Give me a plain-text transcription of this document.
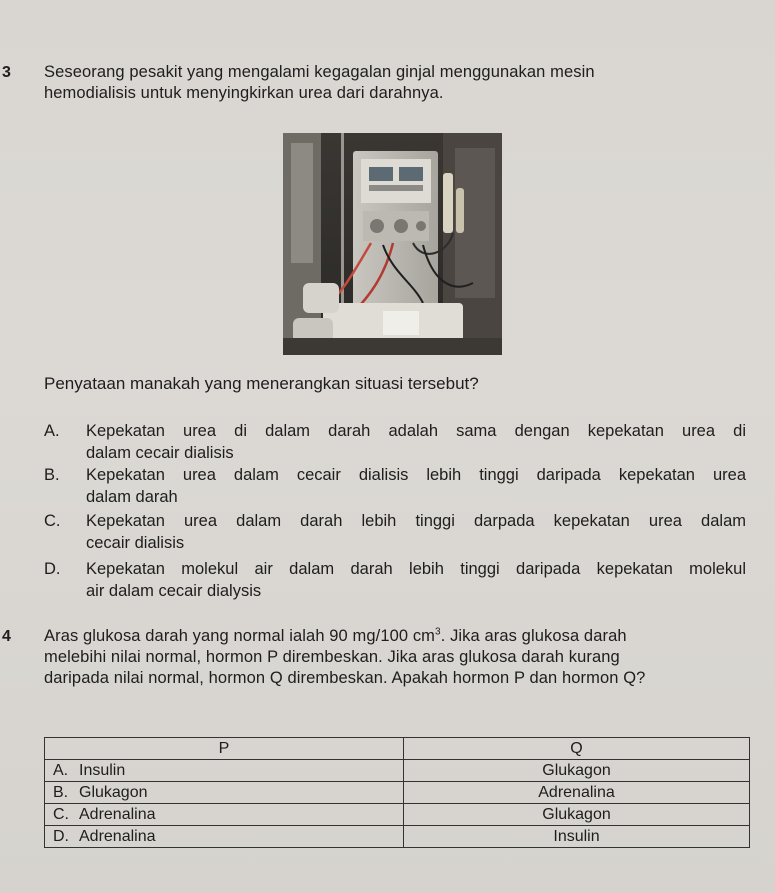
3 Seseorang pesakit yang mengalami kegagalan ginjal menggunakan mesin
hemodialisis untuk menyingkirkan urea dari darahnya.
Penyataan manakah yang menerangkan situasi tersebut?
A. Kepekatan urea di dalam darah adalah sama dengan kepekatan urea di
dalam cecair dialisis
B. Kepekatan urea dalam cecair dialisis lebih tinggi daripada kepekatan urea
dalam darah
C. Kepekatan urea dalam darah lebih tinggi darpada kepekatan urea dalam
cecair dialisis
D. Kepekatan molekul air dalam darah lebih tinggi daripada kepekatan molekul
air dalam cecair dialysis
4 Aras glukosa darah yang normal ialah 90 mg/100 $cm^3$. Jika aras glukosa darah
melebihi nilai normal, hormon P dirembeskan. Jika aras glukosa darah kurang
daripada nilai normal, hormon Q dirembeskan. Apakah hormon P dan hormon Q?
P	Q
A. Insulin	Glukagon
B. Glukagon	Adrenalina
C. Adrenalina	Glukagon
D. Adrenalina	Insulin
